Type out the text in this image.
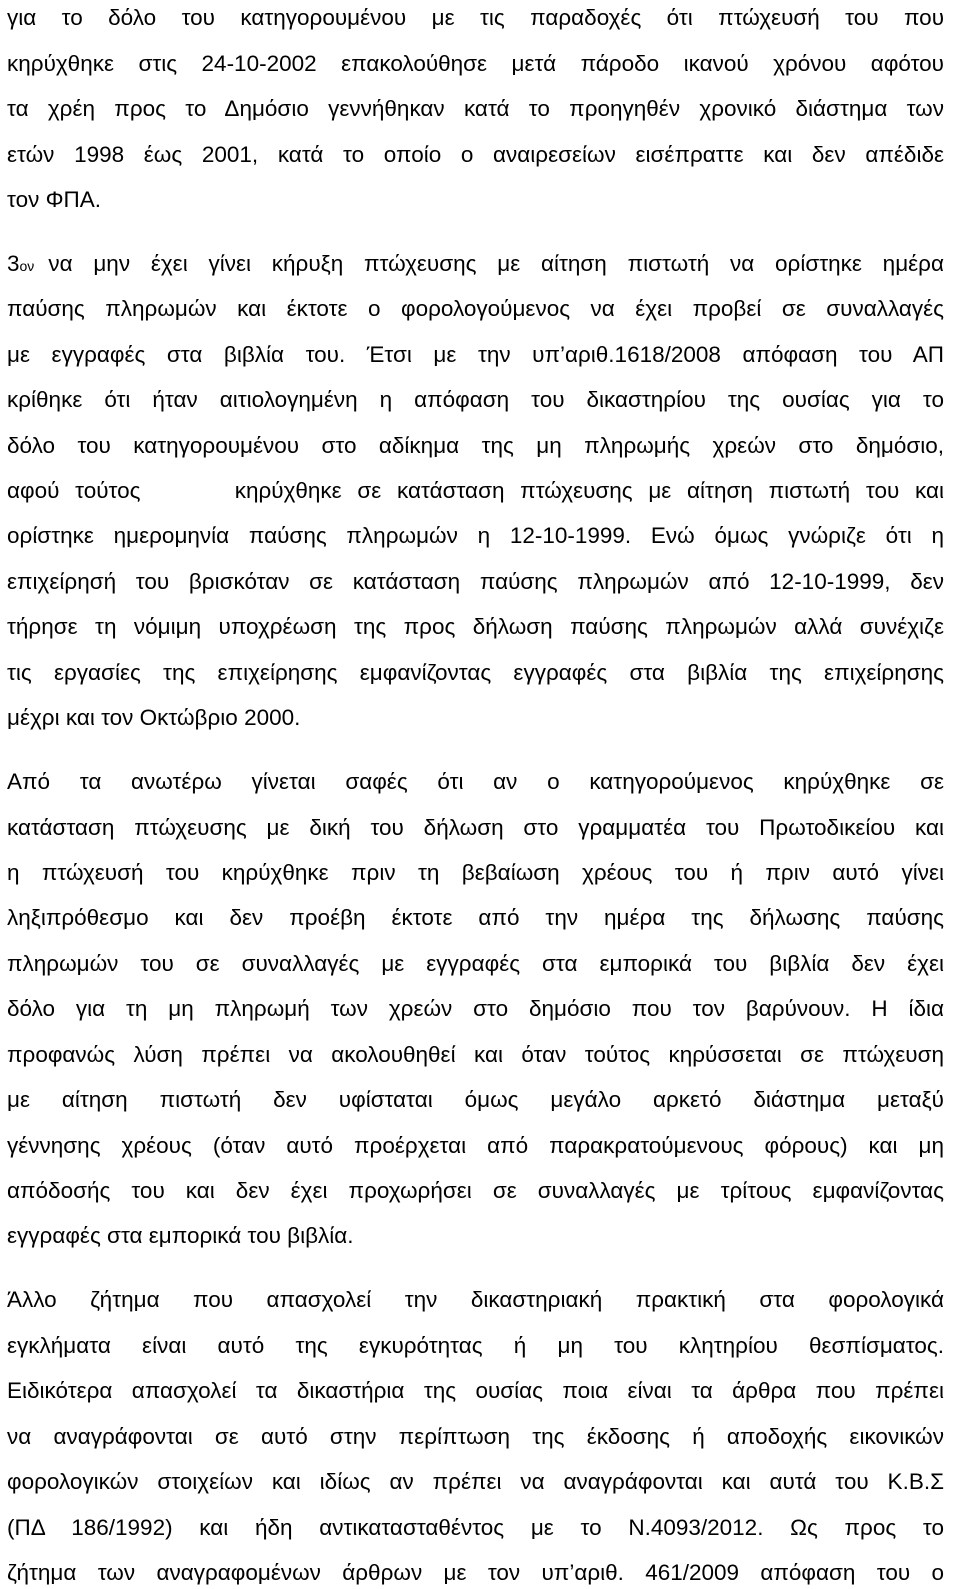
για το δόλο του κατηγορουμένου με τις παραδοχές ότι πτώχευσή του που
κηρύχθηκε στις 24-10-2002 επακολούθησε μετά πάροδο ικανού χρόνου αφότου
τα χρέη προς το Δημόσιο γεννήθηκαν κατά το προηγηθέν χρονικό διάστημα των
ετών 1998 έως 2001, κατά το οποίο ο αναιρεσείων εισέπραττε και δεν απέδιδε
τον ΦΠΑ.
3 ον να μην έχει γίνει κήρυξη πτώχευσης με αίτηση πιστωτή να ορίστηκε ημέρα
παύσης πληρωμών και έκτοτε ο φορολογούμενος να έχει προβεί σε συναλλαγές
με εγγραφές στα βιβλία του. Έτσι με την υπ’αριθ.1618/2008 απόφαση του ΑΠ
κρίθηκε ότι ήταν αιτιολογημένη η απόφαση του δικαστηρίου της ουσίας για το
δόλο του κατηγορουμένου στο αδίκημα της μη πληρωμής χρεών στο δημόσιο,
αφού τούτος      κηρύχθηκε σε κατάσταση πτώχευσης με αίτηση πιστωτή του και
ορίστηκε ημερομηνία παύσης πληρωμών η 12-10-1999. Ενώ όμως γνώριζε ότι η
επιχείρησή του βρισκόταν σε κατάσταση παύσης πληρωμών από 12-10-1999, δεν
τήρησε τη νόμιμη υποχρέωση της προς δήλωση παύσης πληρωμών αλλά συνέχιζε
τις εργασίες της επιχείρησης εμφανίζοντας εγγραφές στα βιβλία της επιχείρησης
μέχρι και τον Οκτώβριο 2000.
Από τα ανωτέρω γίνεται σαφές ότι αν ο κατηγορούμενος κηρύχθηκε σε
κατάσταση πτώχευσης με δική του δήλωση στο γραμματέα του Πρωτοδικείου και
η πτώχευσή του κηρύχθηκε πριν τη βεβαίωση χρέους του ή πριν αυτό γίνει
ληξιπρόθεσμο και δεν προέβη έκτοτε από την ημέρα της δήλωσης παύσης
πληρωμών του σε συναλλαγές με εγγραφές στα εμπορικά του βιβλία δεν έχει
δόλο για τη μη πληρωμή των χρεών στο δημόσιο που τον βαρύνουν. Η ίδια
προφανώς λύση πρέπει να ακολουθηθεί και όταν τούτος κηρύσσεται σε πτώχευση
με αίτηση πιστωτή δεν υφίσταται όμως μεγάλο αρκετό διάστημα μεταξύ
γέννησης χρέους (όταν αυτό προέρχεται από παρακρατούμενους φόρους) και μη
απόδοσής του και δεν έχει προχωρήσει σε συναλλαγές με τρίτους εμφανίζοντας
εγγραφές στα εμπορικά του βιβλία.
Άλλο ζήτημα που απασχολεί την δικαστηριακή πρακτική στα φορολογικά
εγκλήματα είναι αυτό της εγκυρότητας ή μη του κλητηρίου θεσπίσματος.
Ειδικότερα απασχολεί τα δικαστήρια της ουσίας ποια είναι τα άρθρα που πρέπει
να αναγράφονται σε αυτό στην περίπτωση της έκδοσης ή αποδοχής εικονικών
φορολογικών στοιχείων και ιδίως αν πρέπει να αναγράφονται και αυτά του Κ.Β.Σ
(ΠΔ 186/1992) και ήδη αντικατασταθέντος με το Ν.4093/2012. Ως προς το
ζήτημα των αναγραφομένων άρθρων με τον υπ’αριθ. 461/2009 απόφαση του ο
